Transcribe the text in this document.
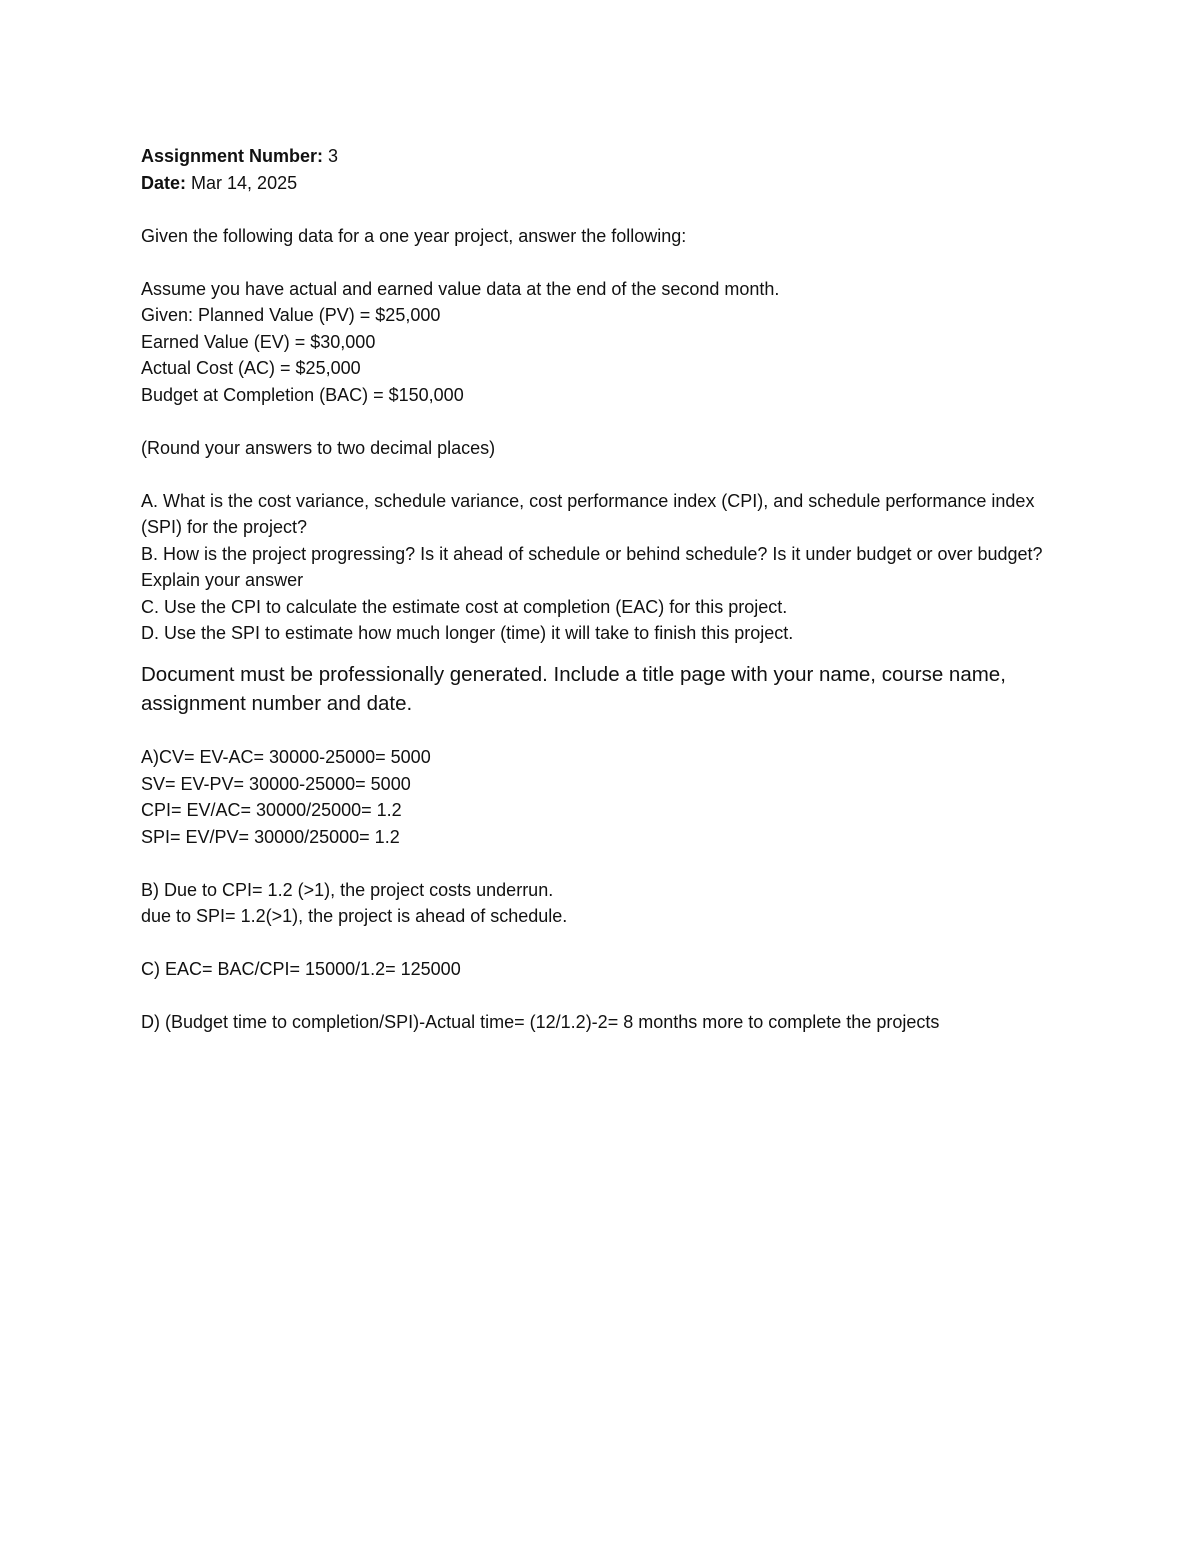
Assignment Number: 3

Date: Mar 14, 2025

Given the following data for a one year project, answer the following:

Assume you have actual and earned value data at the end of the second month.

Given: Planned Value (PV) = $25,000

Earned Value (EV) = $30,000

Actual Cost (AC) = $25,000

Budget at Completion (BAC) = $150,000

(Round your answers to two decimal places)

A. What is the cost variance, schedule variance, cost performance index (CPI), and schedule performance index (SPI) for the project?

B. How is the project progressing? Is it ahead of schedule or behind schedule? Is it under budget or over budget? Explain your answer

C. Use the CPI to calculate the estimate cost at completion (EAC) for this project.

D. Use the SPI to estimate how much longer (time) it will take to finish this project.

Document must be professionally generated. Include a title page with your name, course name, assignment number and date.

A)CV= EV-AC= 30000-25000= 5000

SV= EV-PV= 30000-25000= 5000

CPI= EV/AC= 30000/25000= 1.2

SPI= EV/PV= 30000/25000= 1.2

B) Due to CPI= 1.2 (>1), the project costs underrun.

due to SPI= 1.2(>1), the project is ahead of schedule.

C) EAC= BAC/CPI= 15000/1.2= 125000

D) (Budget time to completion/SPI)-Actual time= (12/1.2)-2= 8 months more to complete the projects
